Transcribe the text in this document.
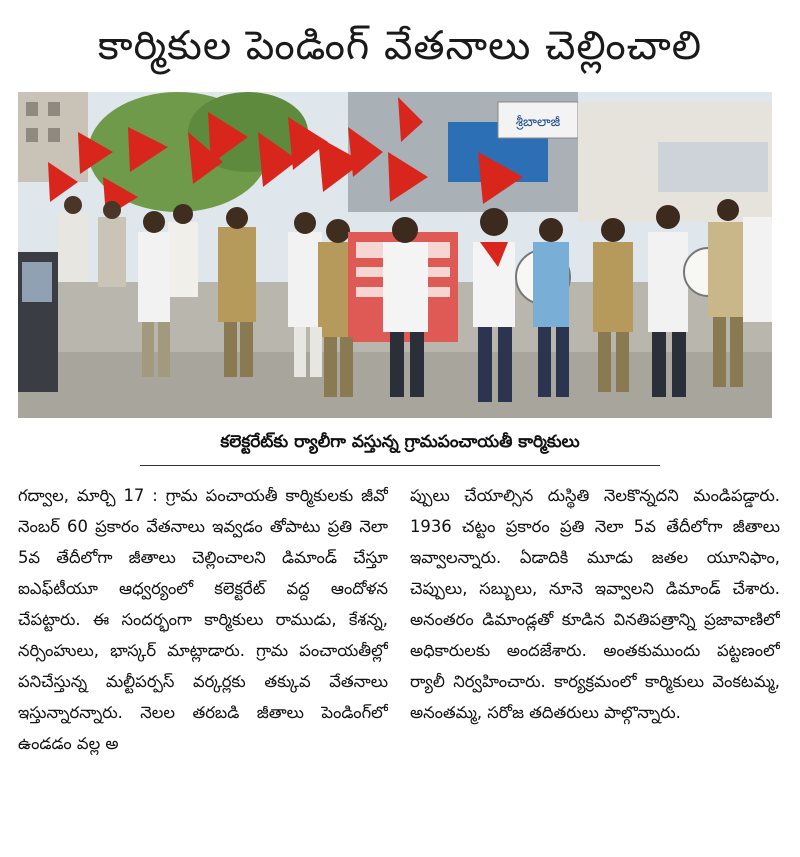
కార్మికుల పెండింగ్ వేతనాలు చెల్లించాలి
శ్రీబాలాజీ
కలెక్టరేట్‌కు ర్యాలీగా వస్తున్న గ్రామపంచాయతీ కార్మికులు

గద్వాల, మార్చి 17 : గ్రామ పంచాయతీ కార్మికులకు జీవో నెంబర్ 60 ప్రకారం వేతనాలు ఇవ్వడం తోపాటు ప్రతి నెలా 5వ తేదీలోగా జీతాలు చెల్లించాలని డిమాండ్ చేస్తూ ఐఎఫ్‌టీయూ ఆధ్వర్యంలో కలెక్టరేట్ వద్ద ఆందోళన చేపట్టారు. ఈ సందర్భంగా కార్మికులు రాముడు, కేశన్న, నర్సింహులు, భాస్కర్ మాట్లాడారు. గ్రామ పంచాయతీల్లో పనిచేస్తున్న మల్టీపర్పస్ వర్కర్లకు తక్కువ వేతనాలు ఇస్తున్నారన్నారు. నెలల తరబడి జీతాలు పెండింగ్‌లో ఉండడం వల్ల అ

ప్పులు చేయాల్సిన దుస్థితి నెలకొన్నదని మండిపడ్డారు. 1936 చట్టం ప్రకారం ప్రతి నెలా 5వ తేదీలోగా జీతాలు ఇవ్వాలన్నారు. ఏడాదికి మూడు జతల యూనిఫాం, చెప్పులు, సబ్బులు, నూనె ఇవ్వాలని డిమాండ్ చేశారు. అనంతరం డిమాండ్లతో కూడిన వినతిపత్రాన్ని ప్రజావాణిలో అధికారులకు అందజేశారు. అంతకుముందు పట్టణంలో ర్యాలీ నిర్వహించారు. కార్యక్రమంలో కార్మికులు వెంకటమ్మ, అనంతమ్మ, సరోజ తదితరులు పాల్గొన్నారు.
